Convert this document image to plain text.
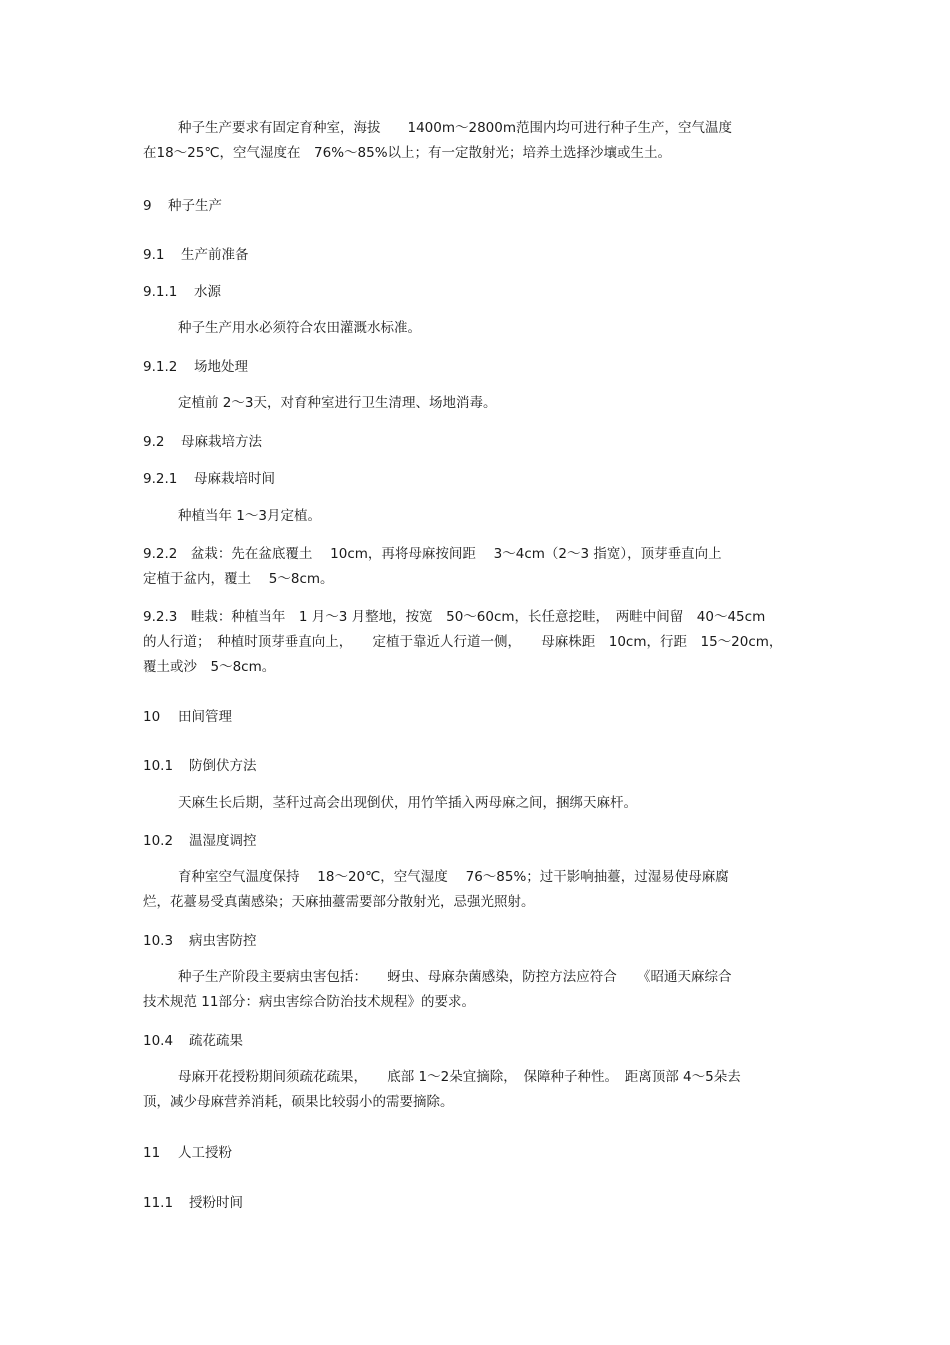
种子生产要求有固定育种室，海拔　　1400m～2800m范围内均可进行种子生产，空气温度
在18～25℃，空气湿度在　76%～85%以上；有一定散射光；培养土选择沙壤或生土。
9 种子生产
9.1 生产前准备
9.1.1 水源
种子生产用水必须符合农田灌溉水标准。
9.1.2 场地处理
定植前 2～3天，对育种室进行卫生清理、场地消毒。
9.2 母麻栽培方法
9.2.1 母麻栽培时间
种植当年 1～3月定植。
9.2.2　盆栽：先在盆底覆土　 10cm，再将母麻按间距　 3～4cm（2～3 指宽），顶芽垂直向上
定植于盆内，覆土　 5～8cm。
9.2.3　畦栽：种植当年　1 月～3 月整地，按宽　50～60cm，长任意挖畦，　两畦中间留　40～45cm
的人行道；　种植时顶芽垂直向上，　　定植于靠近人行道一侧，　　母麻株距　10cm，行距　15～20cm，
覆土或沙　5～8cm。
10 田间管理
10.1 防倒伏方法
天麻生长后期，茎秆过高会出现倒伏，用竹竿插入两母麻之间，捆绑天麻杆。
10.2 温湿度调控
育种室空气温度保持　 18～20℃，空气湿度　 76～85%；过干影响抽薹，过湿易使母麻腐
烂，花薹易受真菌感染；天麻抽薹需要部分散射光，忌强光照射。
10.3 病虫害防控
种子生产阶段主要病虫害包括：　　蚜虫、母麻杂菌感染，防控方法应符合　　《昭通天麻综合
技术规范 11部分：病虫害综合防治技术规程》的要求。
10.4 疏花疏果
母麻开花授粉期间须疏花疏果，　　底部 1～2朵宜摘除，　保障种子种性。　距离顶部 4～5朵去
顶，减少母麻营养消耗，硕果比较弱小的需要摘除。
11 人工授粉
11.1 授粉时间
